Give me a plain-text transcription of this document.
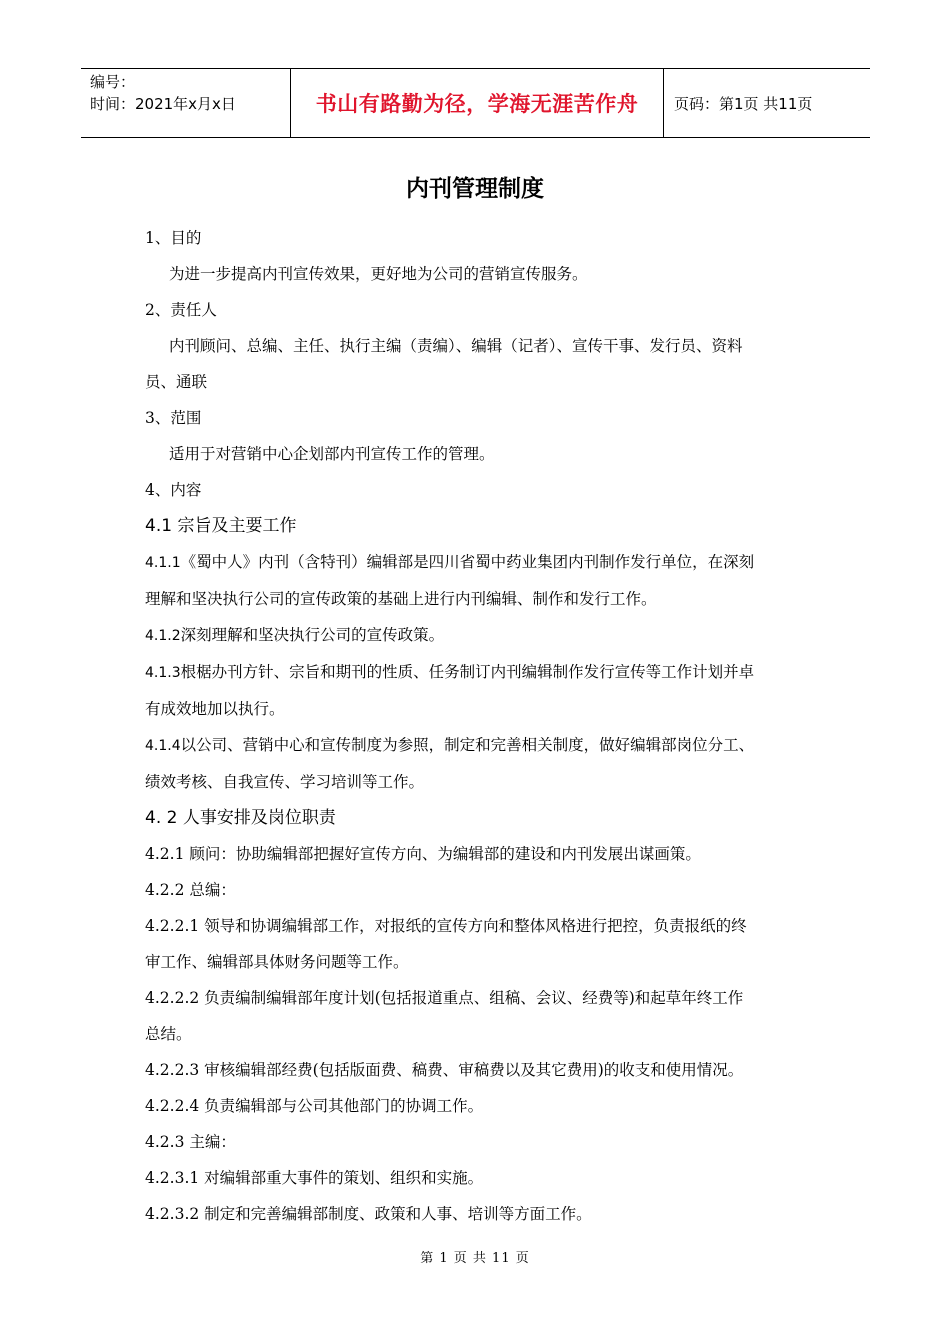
编号：
时间：2021年x月x日	书山有路勤为径，学海无涯苦作舟	页码：第1页 共11页
内刊管理制度
1、目的
为进一步提高内刊宣传效果，更好地为公司的营销宣传服务。
2、责任人
内刊顾问、总编、主任、执行主编（责编）、编辑（记者）、宣传干事、发行员、资料
员、通联
3、范围
适用于对营销中心企划部内刊宣传工作的管理。
4、内容
4.1 宗旨及主要工作
4.1.1《蜀中人》内刊（含特刊）编辑部是四川省蜀中药业集团内刊制作发行单位，在深刻
理解和坚决执行公司的宣传政策的基础上进行内刊编辑、制作和发行工作。
4.1.2深刻理解和坚决执行公司的宣传政策。
4.1.3根椐办刊方针、宗旨和期刊的性质、任务制订内刊编辑制作发行宣传等工作计划并卓
有成效地加以执行。
4.1.4以公司、营销中心和宣传制度为参照，制定和完善相关制度，做好编辑部岗位分工、
绩效考核、自我宣传、学习培训等工作。
4. 2 人事安排及岗位职责
4.2.1 顾问：协助编辑部把握好宣传方向、为编辑部的建设和内刊发展出谋画策。
4.2.2 总编：
4.2.2.1 领导和协调编辑部工作，对报纸的宣传方向和整体风格进行把控，负责报纸的终
审工作、编辑部具体财务问题等工作。
4.2.2.2 负责编制编辑部年度计划(包括报道重点、组稿、会议、经费等)和起草年终工作
总结。
4.2.2.3 审核编辑部经费(包括版面费、稿费、审稿费以及其它费用)的收支和使用情况。
4.2.2.4 负责编辑部与公司其他部门的协调工作。
4.2.3 主编：
4.2.3.1 对编辑部重大事件的策划、组织和实施。
4.2.3.2 制定和完善编辑部制度、政策和人事、培训等方面工作。
第 1 页 共 11 页
